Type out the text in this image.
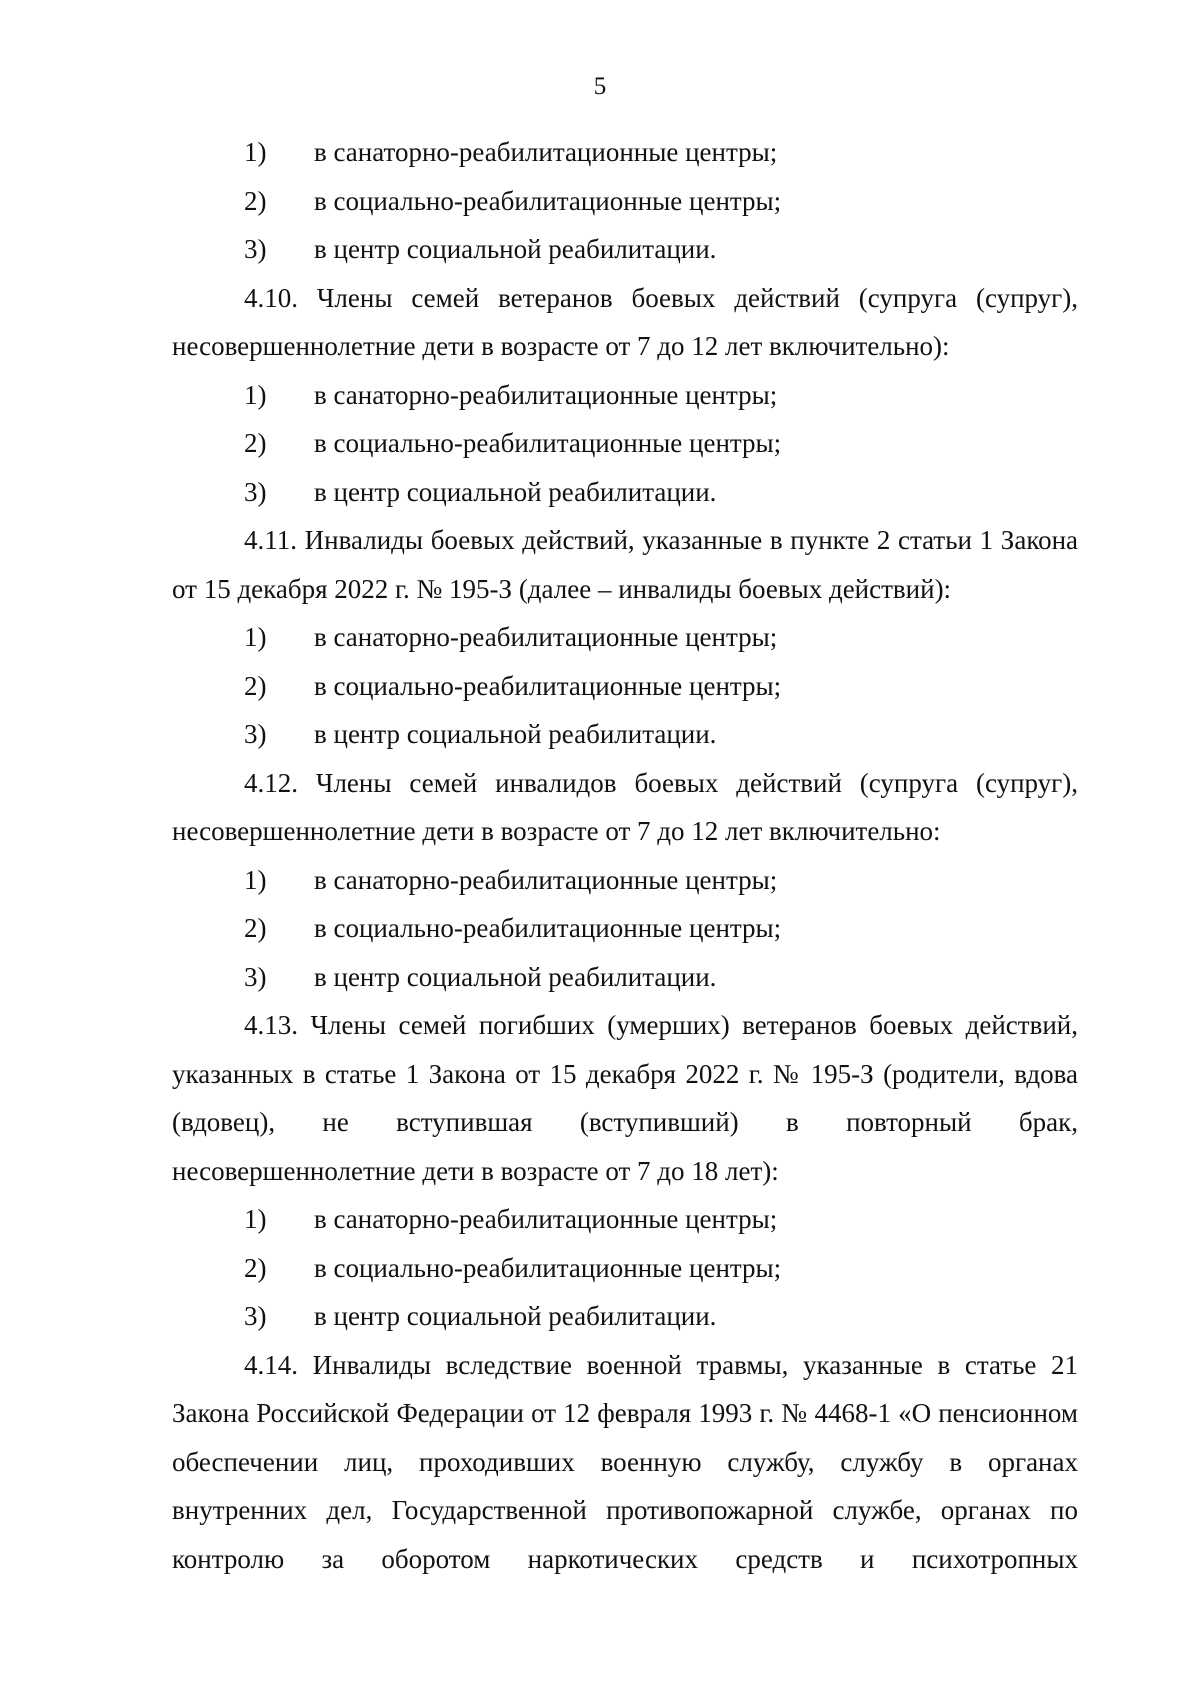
5
1)	в санаторно-реабилитационные центры;
2)	в социально-реабилитационные центры;
3)	в центр социальной реабилитации.

4.10. Члены семей ветеранов боевых действий (супруга (супруг), несовершеннолетние дети в возрасте от 7 до 12 лет включительно):

1)	в санаторно-реабилитационные центры;
2)	в социально-реабилитационные центры;
3)	в центр социальной реабилитации.

4.11. Инвалиды боевых действий, указанные в пункте 2 статьи 1 Закона от 15 декабря 2022 г. № 195-З (далее – инвалиды боевых действий):

1)	в санаторно-реабилитационные центры;
2)	в социально-реабилитационные центры;
3)	в центр социальной реабилитации.

4.12. Члены семей инвалидов боевых действий (супруга (супруг), несовершеннолетние дети в возрасте от 7 до 12 лет включительно:

1)	в санаторно-реабилитационные центры;
2)	в социально-реабилитационные центры;
3)	в центр социальной реабилитации.

4.13. Члены семей погибших (умерших) ветеранов боевых действий, указанных в статье 1 Закона от 15 декабря 2022 г. № 195-З (родители, вдова (вдовец), не вступившая (вступивший) в повторный брак, несовершеннолетние дети в возрасте от 7 до 18 лет):

1)	в санаторно-реабилитационные центры;
2)	в социально-реабилитационные центры;
3)	в центр социальной реабилитации.

4.14. Инвалиды вследствие военной травмы, указанные в статье 21 Закона Российской Федерации от 12 февраля 1993 г. № 4468-1 «О пенсионном обеспечении лиц, проходивших военную службу, службу в органах внутренних дел, Государственной противопожарной службе, органах по контролю за оборотом наркотических средств и психотропных
